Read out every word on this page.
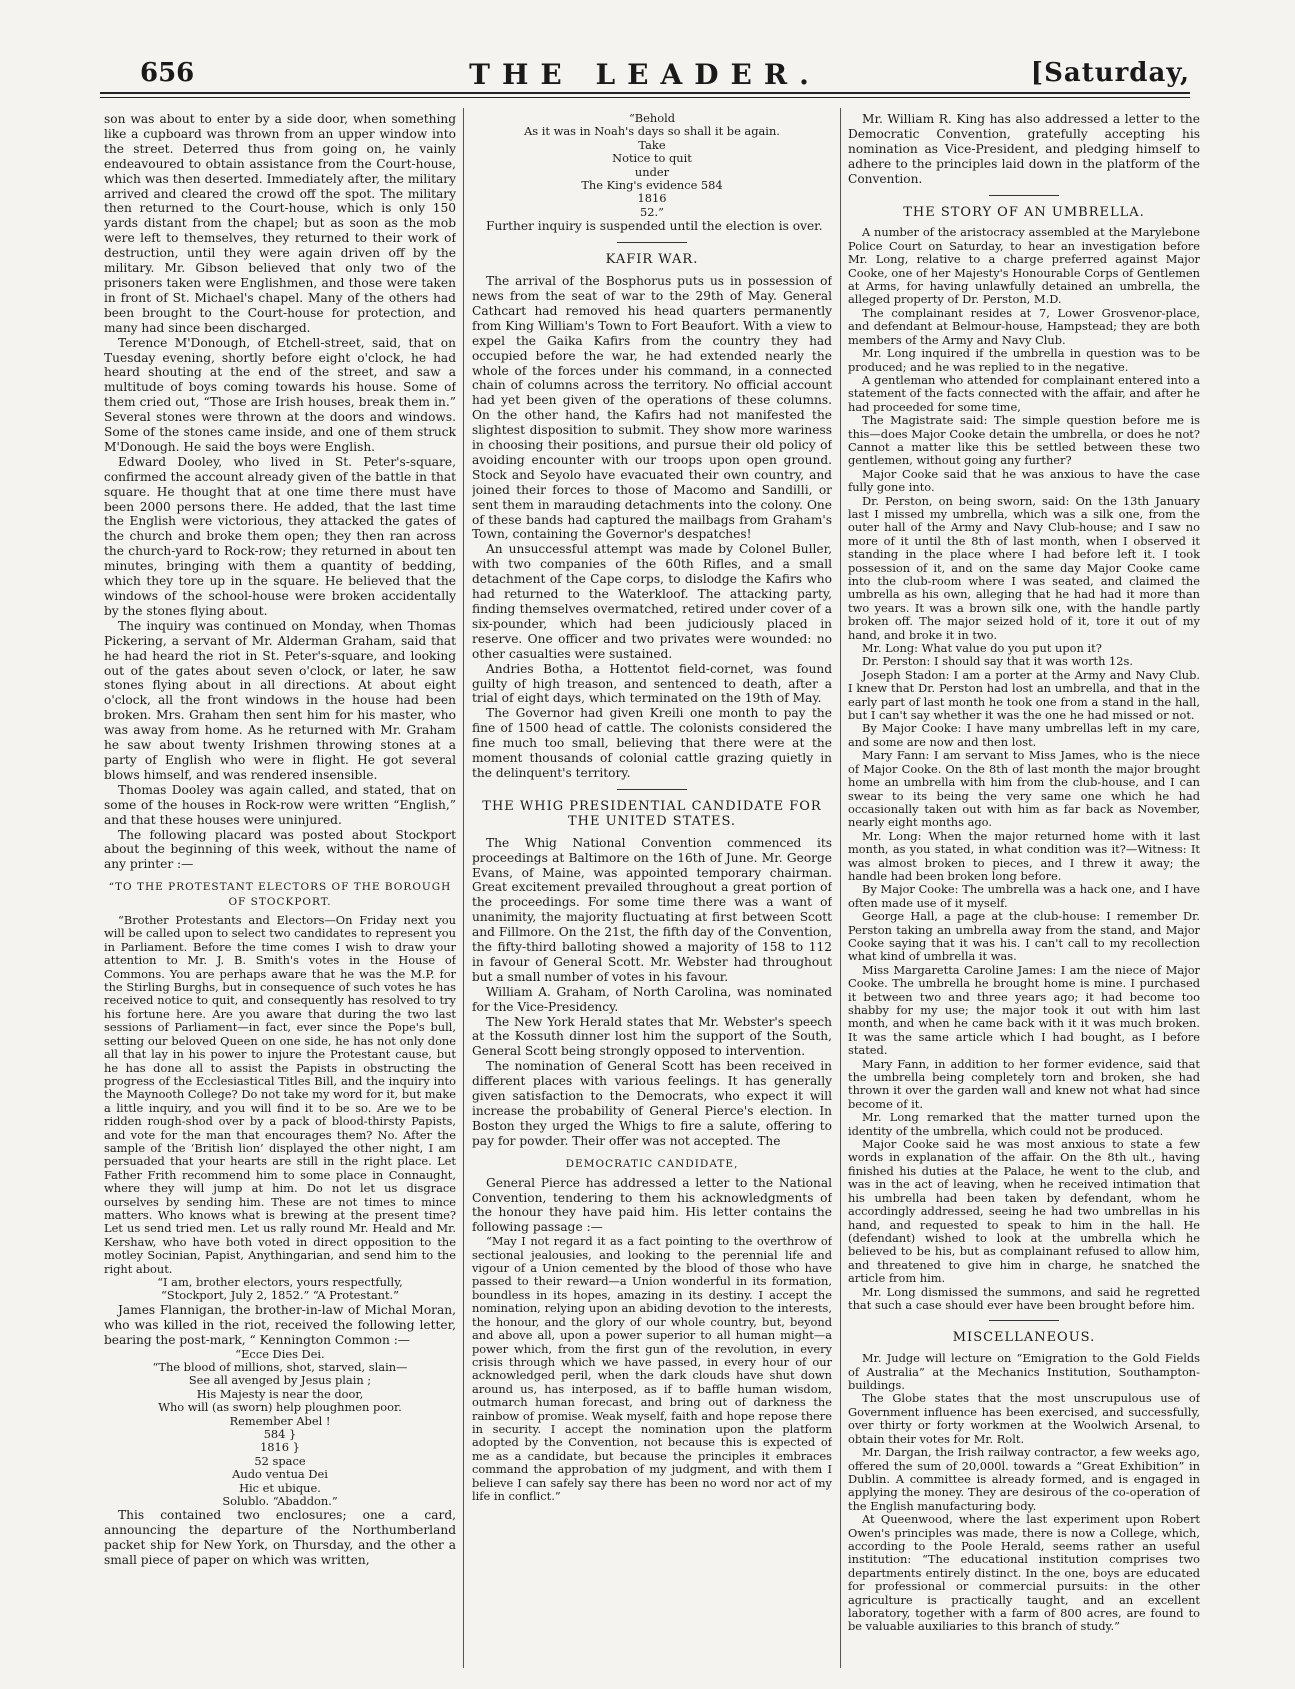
656	THE LEADER.	[Saturday,

son was about to enter by a side door, when something like a cupboard was thrown from an upper window into the street. Deterred thus from going on, he vainly endeavoured to obtain assistance from the Court-house, which was then deserted. Immediately after, the military arrived and cleared the crowd off the spot. The military then returned to the Court-house, which is only 150 yards distant from the chapel; but as soon as the mob were left to themselves, they returned to their work of destruction, until they were again driven off by the military. Mr. Gibson believed that only two of the prisoners taken were Englishmen, and those were taken in front of St. Michael's chapel. Many of the others had been brought to the Court-house for protection, and many had since been discharged.

Terence M'Donough, of Etchell-street, said, that on Tuesday evening, shortly before eight o'clock, he had heard shouting at the end of the street, and saw a multitude of boys coming towards his house. Some of them cried out, “Those are Irish houses, break them in.” Several stones were thrown at the doors and windows. Some of the stones came inside, and one of them struck M'Donough. He said the boys were English.

Edward Dooley, who lived in St. Peter's-square, confirmed the account already given of the battle in that square. He thought that at one time there must have been 2000 persons there. He added, that the last time the English were victorious, they attacked the gates of the church and broke them open; they then ran across the church-yard to Rock-row; they returned in about ten minutes, bringing with them a quantity of bedding, which they tore up in the square. He believed that the windows of the school-house were broken accidentally by the stones flying about.

The inquiry was continued on Monday, when Thomas Pickering, a servant of Mr. Alderman Graham, said that he had heard the riot in St. Peter's-square, and looking out of the gates about seven o'clock, or later, he saw stones flying about in all directions. At about eight o'clock, all the front windows in the house had been broken. Mrs. Graham then sent him for his master, who was away from home. As he returned with Mr. Graham he saw about twenty Irishmen throwing stones at a party of English who were in flight. He got several blows himself, and was rendered insensible.

Thomas Dooley was again called, and stated, that on some of the houses in Rock-row were written “English,” and that these houses were uninjured.

The following placard was posted about Stockport about the beginning of this week, without the name of any printer :—

“TO THE PROTESTANT ELECTORS OF THE BOROUGH OF STOCKPORT.

“Brother Protestants and Electors—On Friday next you will be called upon to select two candidates to represent you in Parliament. Before the time comes I wish to draw your attention to Mr. J. B. Smith's votes in the House of Commons. You are perhaps aware that he was the M.P. for the Stirling Burghs, but in consequence of such votes he has received notice to quit, and consequently has resolved to try his fortune here. Are you aware that during the two last sessions of Parliament—in fact, ever since the Pope's bull, setting our beloved Queen on one side, he has not only done all that lay in his power to injure the Protestant cause, but he has done all to assist the Papists in obstructing the progress of the Ecclesiastical Titles Bill, and the inquiry into the Maynooth College? Do not take my word for it, but make a little inquiry, and you will find it to be so. Are we to be ridden rough-shod over by a pack of blood-thirsty Papists, and vote for the man that encourages them? No. After the sample of the ‘British lion’ displayed the other night, I am persuaded that your hearts are still in the right place. Let Father Frith recommend him to some place in Connaught, where they will jump at him. Do not let us disgrace ourselves by sending him. These are not times to mince matters. Who knows what is brewing at the present time? Let us send tried men. Let us rally round Mr. Heald and Mr. Kershaw, who have both voted in direct opposition to the motley Socinian, Papist, Anythingarian, and send him to the right about.

“I am, brother electors, yours respectfully,

“Stockport, July 2, 1852.” “A Protestant.”

James Flannigan, the brother-in-law of Michal Moran, who was killed in the riot, received the following letter, bearing the post-mark, “ Kennington Common :—

“Ecce Dies Dei.

“The blood of millions, shot, starved, slain—

See all avenged by Jesus plain ;

His Majesty is near the door,

Who will (as sworn) help ploughmen poor.

Remember Abel !

584 }

1816 }

52 space

Audo ventua Dei

Hic et ubique.

Solublo. “Abaddon.”

This contained two enclosures; one a card, announcing the departure of the Northumberland packet ship for New York, on Thursday, and the other a small piece of paper on which was written,

“Behold

As it was in Noah's days so shall it be again.

Take

Notice to quit

under

The King's evidence 584

1816

52.”

Further inquiry is suspended until the election is over.

KAFIR WAR.

The arrival of the Bosphorus puts us in possession of news from the seat of war to the 29th of May. General Cathcart had removed his head quarters permanently from King William's Town to Fort Beaufort. With a view to expel the Gaika Kafirs from the country they had occupied before the war, he had extended nearly the whole of the forces under his command, in a connected chain of columns across the territory. No official account had yet been given of the operations of these columns. On the other hand, the Kafirs had not manifested the slightest disposition to submit. They show more wariness in choosing their positions, and pursue their old policy of avoiding encounter with our troops upon open ground. Stock and Seyolo have evacuated their own country, and joined their forces to those of Macomo and Sandilli, or sent them in marauding detachments into the colony. One of these bands had captured the mailbags from Graham's Town, containing the Governor's despatches!

An unsuccessful attempt was made by Colonel Buller, with two companies of the 60th Rifles, and a small detachment of the Cape corps, to dislodge the Kafirs who had returned to the Waterkloof. The attacking party, finding themselves overmatched, retired under cover of a six-pounder, which had been judiciously placed in reserve. One officer and two privates were wounded: no other casualties were sustained.

Andries Botha, a Hottentot field-cornet, was found guilty of high treason, and sentenced to death, after a trial of eight days, which terminated on the 19th of May.

The Governor had given Kreili one month to pay the fine of 1500 head of cattle. The colonists considered the fine much too small, believing that there were at the moment thousands of colonial cattle grazing quietly in the delinquent's territory.

THE WHIG PRESIDENTIAL CANDIDATE FOR THE UNITED STATES.

The Whig National Convention commenced its proceedings at Baltimore on the 16th of June. Mr. George Evans, of Maine, was appointed temporary chairman. Great excitement prevailed throughout a great portion of the proceedings. For some time there was a want of unanimity, the majority fluctuating at first between Scott and Fillmore. On the 21st, the fifth day of the Convention, the fifty-third balloting showed a majority of 158 to 112 in favour of General Scott. Mr. Webster had throughout but a small number of votes in his favour.

William A. Graham, of North Carolina, was nominated for the Vice-Presidency.

The New York Herald states that Mr. Webster's speech at the Kossuth dinner lost him the support of the South, General Scott being strongly opposed to intervention.

The nomination of General Scott has been received in different places with various feelings. It has generally given satisfaction to the Democrats, who expect it will increase the probability of General Pierce's election. In Boston they urged the Whigs to fire a salute, offering to pay for powder. Their offer was not accepted. The

DEMOCRATIC CANDIDATE,

General Pierce has addressed a letter to the National Convention, tendering to them his acknowledgments of the honour they have paid him. His letter contains the following passage :—

“May I not regard it as a fact pointing to the overthrow of sectional jealousies, and looking to the perennial life and vigour of a Union cemented by the blood of those who have passed to their reward—a Union wonderful in its formation, boundless in its hopes, amazing in its destiny. I accept the nomination, relying upon an abiding devotion to the interests, the honour, and the glory of our whole country, but, beyond and above all, upon a power superior to all human might—a power which, from the first gun of the revolution, in every crisis through which we have passed, in every hour of our acknowledged peril, when the dark clouds have shut down around us, has interposed, as if to baffle human wisdom, outmarch human forecast, and bring out of darkness the rainbow of promise. Weak myself, faith and hope repose there in security. I accept the nomination upon the platform adopted by the Convention, not because this is expected of me as a candidate, but because the principles it embraces command the approbation of my judgment, and with them I believe I can safely say there has been no word nor act of my life in conflict.”

Mr. William R. King has also addressed a letter to the Democratic Convention, gratefully accepting his nomination as Vice-President, and pledging himself to adhere to the principles laid down in the platform of the Convention.

THE STORY OF AN UMBRELLA.

A number of the aristocracy assembled at the Marylebone Police Court on Saturday, to hear an investigation before Mr. Long, relative to a charge preferred against Major Cooke, one of her Majesty's Honourable Corps of Gentlemen at Arms, for having unlawfully detained an umbrella, the alleged property of Dr. Perston, M.D.

The complainant resides at 7, Lower Grosvenor-place, and defendant at Belmour-house, Hampstead; they are both members of the Army and Navy Club.

Mr. Long inquired if the umbrella in question was to be produced; and he was replied to in the negative.

A gentleman who attended for complainant entered into a statement of the facts connected with the affair, and after he had proceeded for some time,

The Magistrate said: The simple question before me is this—does Major Cooke detain the umbrella, or does he not? Cannot a matter like this be settled between these two gentlemen, without going any further?

Major Cooke said that he was anxious to have the case fully gone into.

Dr. Perston, on being sworn, said: On the 13th January last I missed my umbrella, which was a silk one, from the outer hall of the Army and Navy Club-house; and I saw no more of it until the 8th of last month, when I observed it standing in the place where I had before left it. I took possession of it, and on the same day Major Cooke came into the club-room where I was seated, and claimed the umbrella as his own, alleging that he had had it more than two years. It was a brown silk one, with the handle partly broken off. The major seized hold of it, tore it out of my hand, and broke it in two.

Mr. Long: What value do you put upon it?

Dr. Perston: I should say that it was worth 12s.

Joseph Stadon: I am a porter at the Army and Navy Club. I knew that Dr. Perston had lost an umbrella, and that in the early part of last month he took one from a stand in the hall, but I can't say whether it was the one he had missed or not.

By Major Cooke: I have many umbrellas left in my care, and some are now and then lost.

Mary Fann: I am servant to Miss James, who is the niece of Major Cooke. On the 8th of last month the major brought home an umbrella with him from the club-house, and I can swear to its being the very same one which he had occasionally taken out with him as far back as November, nearly eight months ago.

Mr. Long: When the major returned home with it last month, as you stated, in what condition was it?—Witness: It was almost broken to pieces, and I threw it away; the handle had been broken long before.

By Major Cooke: The umbrella was a hack one, and I have often made use of it myself.

George Hall, a page at the club-house: I remember Dr. Perston taking an umbrella away from the stand, and Major Cooke saying that it was his. I can't call to my recollection what kind of umbrella it was.

Miss Margaretta Caroline James: I am the niece of Major Cooke. The umbrella he brought home is mine. I purchased it between two and three years ago; it had become too shabby for my use; the major took it out with him last month, and when he came back with it it was much broken. It was the same article which I had bought, as I before stated.

Mary Fann, in addition to her former evidence, said that the umbrella being completely torn and broken, she had thrown it over the garden wall and knew not what had since become of it.

Mr. Long remarked that the matter turned upon the identity of the umbrella, which could not be produced.

Major Cooke said he was most anxious to state a few words in explanation of the affair. On the 8th ult., having finished his duties at the Palace, he went to the club, and was in the act of leaving, when he received intimation that his umbrella had been taken by defendant, whom he accordingly addressed, seeing he had two umbrellas in his hand, and requested to speak to him in the hall. He (defendant) wished to look at the umbrella which he believed to be his, but as complainant refused to allow him, and threatened to give him in charge, he snatched the article from him.

Mr. Long dismissed the summons, and said he regretted that such a case should ever have been brought before him.

MISCELLANEOUS.

Mr. Judge will lecture on “Emigration to the Gold Fields of Australia” at the Mechanics Institution, Southampton-buildings.

The Globe states that the most unscrupulous use of Government influence has been exercised, and successfully, over thirty or forty workmen at the Woolwich Arsenal, to obtain their votes for Mr. Rolt.

Mr. Dargan, the Irish railway contractor, a few weeks ago, offered the sum of 20,000l. towards a “Great Exhibition” in Dublin. A committee is already formed, and is engaged in applying the money. They are desirous of the co-operation of the English manufacturing body.

At Queenwood, where the last experiment upon Robert Owen's principles was made, there is now a College, which, according to the Poole Herald, seems rather an useful institution: “The educational institution comprises two departments entirely distinct. In the one, boys are educated for professional or commercial pursuits: in the other agriculture is practically taught, and an excellent laboratory, together with a farm of 800 acres, are found to be valuable auxiliaries to this branch of study.”
